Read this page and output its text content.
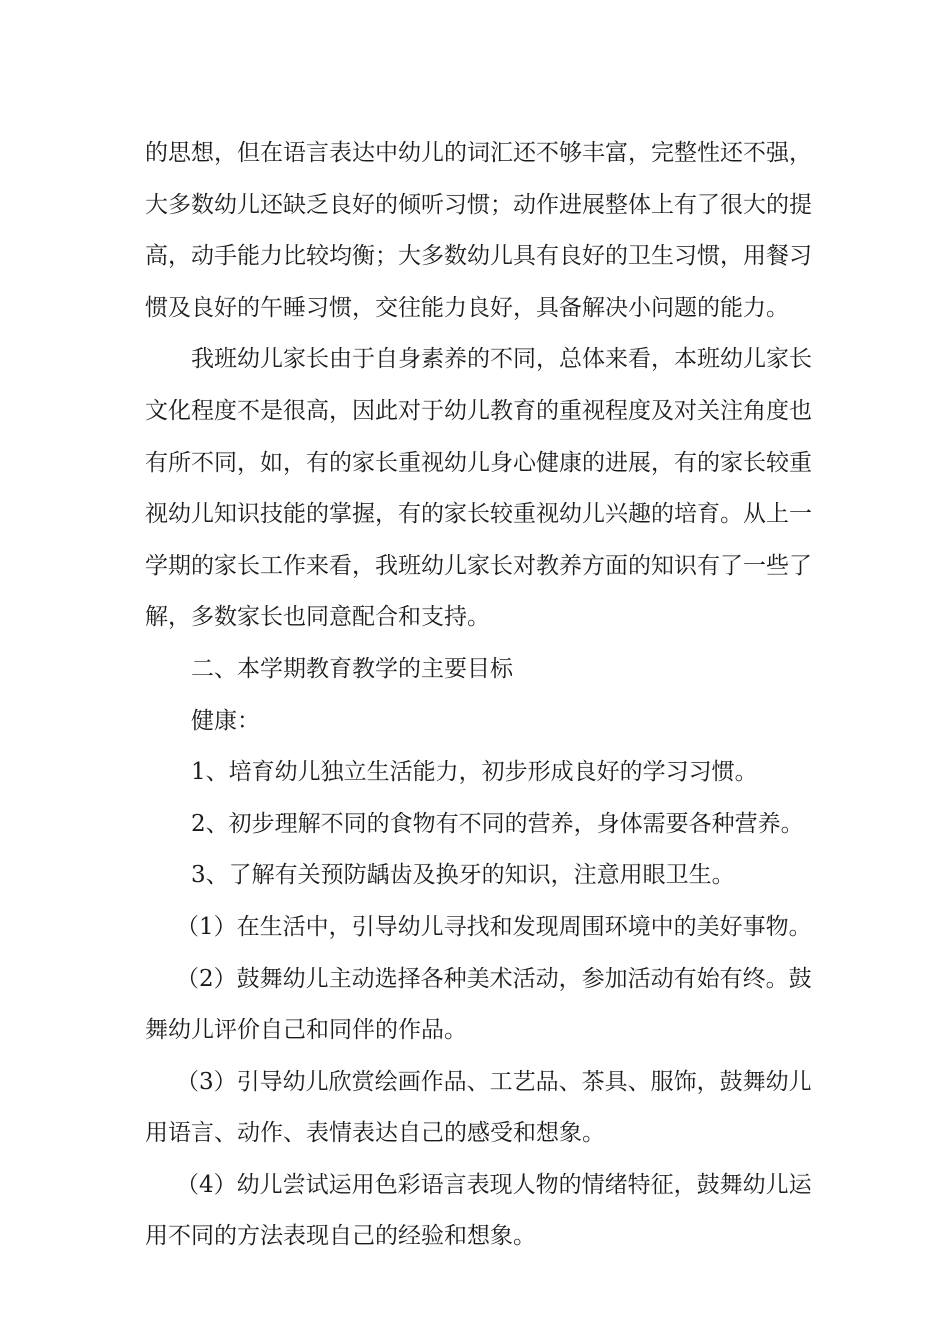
的思想，但在语言表达中幼儿的词汇还不够丰富，完整性还不强，
大多数幼儿还缺乏良好的倾听习惯；动作进展整体上有了很大的提
高，动手能力比较均衡；大多数幼儿具有良好的卫生习惯，用餐习
惯及良好的午睡习惯，交往能力良好，具备解决小问题的能力。
我班幼儿家长由于自身素养的不同，总体来看，本班幼儿家长
文化程度不是很高，因此对于幼儿教育的重视程度及对关注角度也
有所不同，如，有的家长重视幼儿身心健康的进展，有的家长较重
视幼儿知识技能的掌握，有的家长较重视幼儿兴趣的培育。从上一
学期的家长工作来看，我班幼儿家长对教养方面的知识有了一些了
解，多数家长也同意配合和支持。
二、本学期教育教学的主要目标
健康：
1、培育幼儿独立生活能力，初步形成良好的学习习惯。
2、初步理解不同的食物有不同的营养，身体需要各种营养。
3、了解有关预防龋齿及换牙的知识，注意用眼卫生。
（1）在生活中，引导幼儿寻找和发现周围环境中的美好事物。
（2）鼓舞幼儿主动选择各种美术活动，参加活动有始有终。鼓
舞幼儿评价自己和同伴的作品。
（3）引导幼儿欣赏绘画作品、工艺品、茶具、服饰，鼓舞幼儿
用语言、动作、表情表达自己的感受和想象。
（4）幼儿尝试运用色彩语言表现人物的情绪特征，鼓舞幼儿运
用不同的方法表现自己的经验和想象。
